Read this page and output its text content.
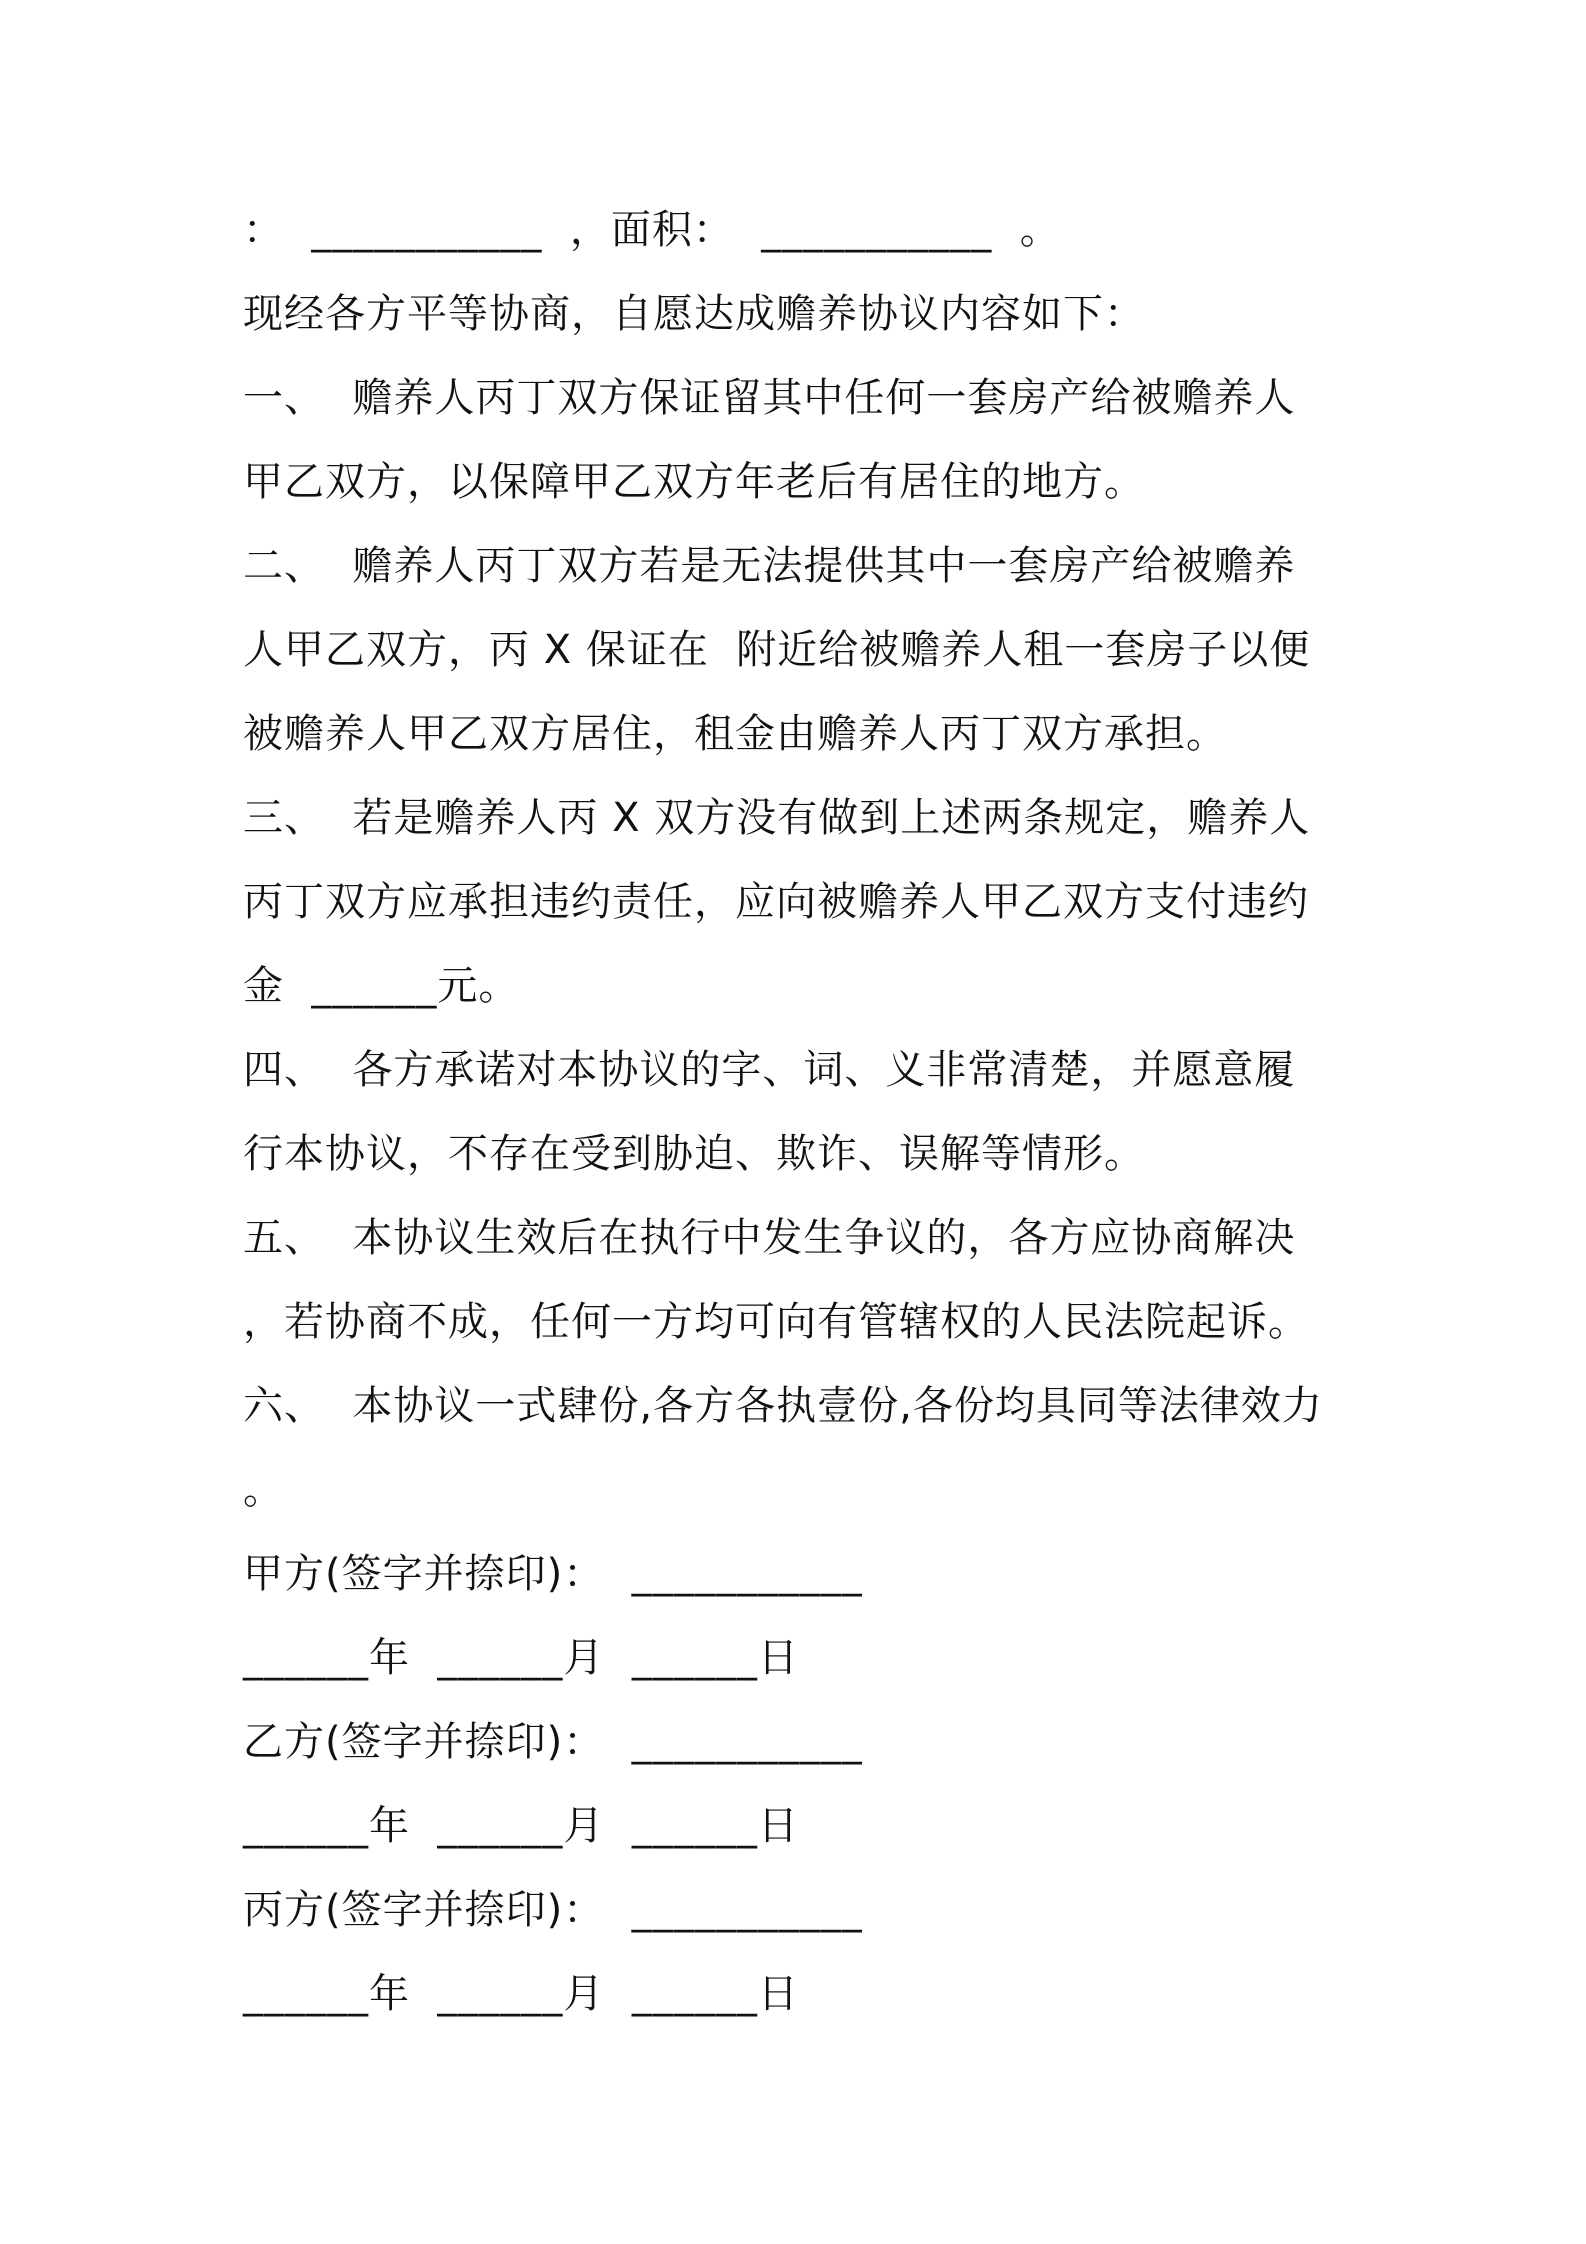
：  ___________  ，面积：  ___________  。
现经各方平等协商，自愿达成赡养协议内容如下：
一、  赡养人丙丁双方保证留其中任何一套房产给被赡养人
甲乙双方，以保障甲乙双方年老后有居住的地方。
二、  赡养人丙丁双方若是无法提供其中一套房产给被赡养
人甲乙双方，丙 X 保证在  附近给被赡养人租一套房子以便
被赡养人甲乙双方居住，租金由赡养人丙丁双方承担。
三、  若是赡养人丙 X 双方没有做到上述两条规定，赡养人
丙丁双方应承担违约责任，应向被赡养人甲乙双方支付违约
金  ______元。
四、  各方承诺对本协议的字、词、义非常清楚，并愿意履
行本协议，不存在受到胁迫、欺诈、误解等情形。
五、  本协议生效后在执行中发生争议的，各方应协商解决
，若协商不成，任何一方均可向有管辖权的人民法院起诉。
六、  本协议一式肆份,各方各执壹份,各份均具同等法律效力
。
甲方(签字并捺印)：  ___________
______年  ______月  ______日
乙方(签字并捺印)：  ___________
______年  ______月  ______日
丙方(签字并捺印)：  ___________
______年  ______月  ______日
